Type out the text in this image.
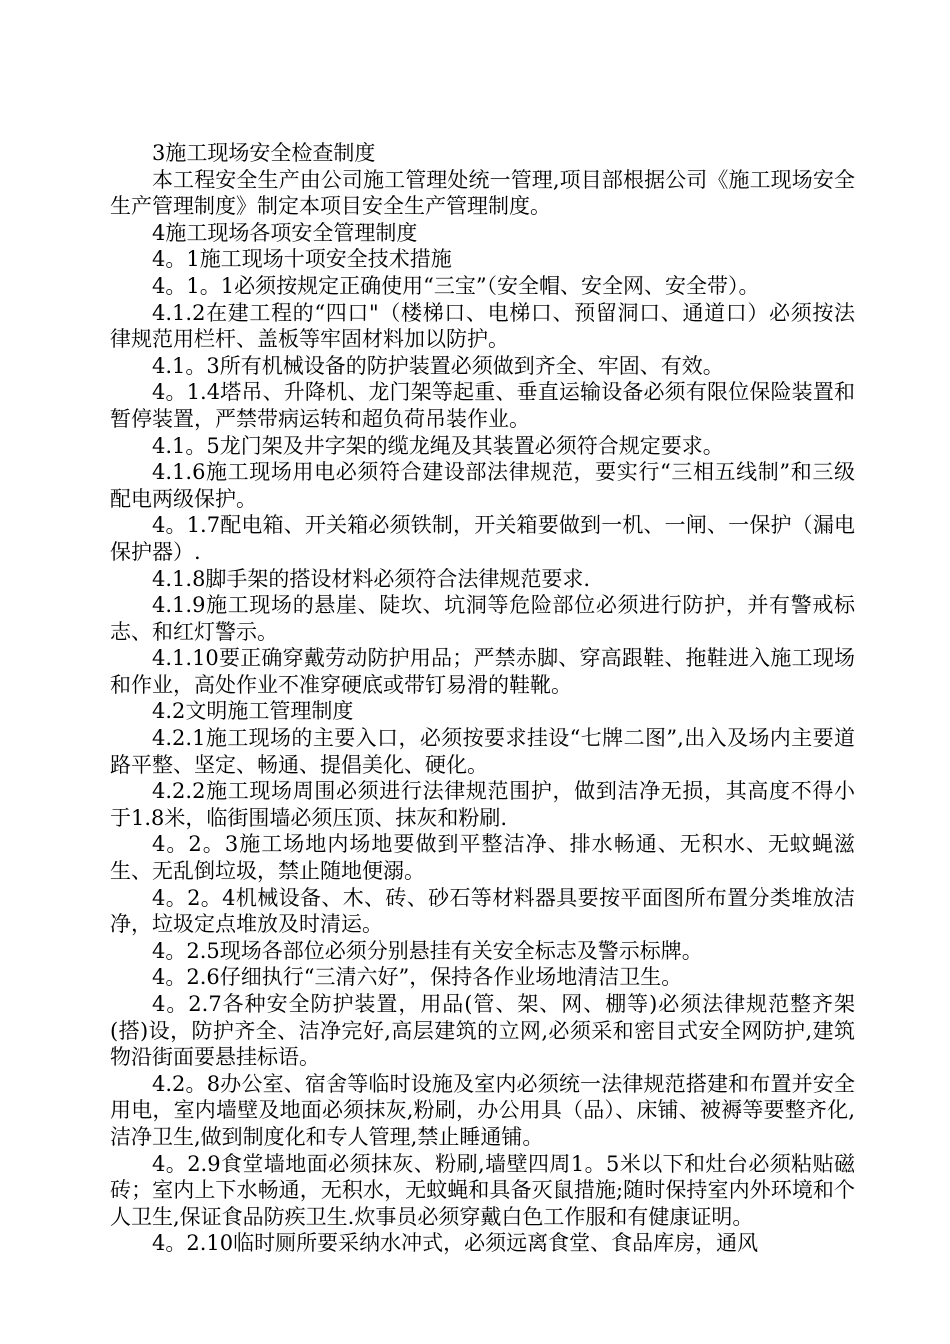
3施工现场安全检查制度

本工程安全生产由公司施工管理处统一管理,项目部根据公司《施工现场安全生产管理制度》制定本项目安全生产管理制度。

4施工现场各项安全管理制度

4。1施工现场十项安全技术措施

4。1。1必须按规定正确使用“三宝”（安全帽、安全网、安全带）。

4.1.2在建工程的“四口"（楼梯口、电梯口、预留洞口、通道口）必须按法律规范用栏杆、盖板等牢固材料加以防护。

4.1。3所有机械设备的防护装置必须做到齐全、牢固、有效。

4。1.4塔吊、升降机、龙门架等起重、垂直运输设备必须有限位保险装置和暂停装置，严禁带病运转和超负荷吊装作业。

4.1。5龙门架及井字架的缆龙绳及其装置必须符合规定要求。

4.1.6施工现场用电必须符合建设部法律规范，要实行“三相五线制”和三级配电两级保护。

4。1.7配电箱、开关箱必须铁制，开关箱要做到一机、一闸、一保护（漏电保护器）.

4.1.8脚手架的搭设材料必须符合法律规范要求.

4.1.9施工现场的悬崖、陡坎、坑洞等危险部位必须进行防护，并有警戒标志、和红灯警示。

4.1.10要正确穿戴劳动防护用品；严禁赤脚、穿高跟鞋、拖鞋进入施工现场和作业，高处作业不准穿硬底或带钉易滑的鞋靴。

4.2文明施工管理制度

4.2.1施工现场的主要入口，必须按要求挂设“七牌二图”,出入及场内主要道路平整、坚定、畅通、提倡美化、硬化。

4.2.2施工现场周围必须进行法律规范围护，做到洁净无损，其高度不得小于1.8米，临街围墙必须压顶、抹灰和粉刷.

4。2。3施工场地内场地要做到平整洁净、排水畅通、无积水、无蚊蝇滋生、无乱倒垃圾，禁止随地便溺。

4。2。4机械设备、木、砖、砂石等材料器具要按平面图所布置分类堆放洁净，垃圾定点堆放及时清运。

4。2.5现场各部位必须分别悬挂有关安全标志及警示标牌。

4。2.6仔细执行“三清六好”，保持各作业场地清洁卫生。

4。2.7各种安全防护装置，用品(管、架、网、棚等)必须法律规范整齐架(搭)设，防护齐全、洁净完好,高层建筑的立网,必须采和密目式安全网防护,建筑物沿街面要悬挂标语。

4.2。8办公室、宿舍等临时设施及室内必须统一法律规范搭建和布置并安全用电，室内墙壁及地面必须抹灰,粉刷，办公用具（品）、床铺、被褥等要整齐化,洁净卫生,做到制度化和专人管理,禁止睡通铺。

4。2.9食堂墙地面必须抹灰、粉刷,墙壁四周1。5米以下和灶台必须粘贴磁砖；室内上下水畅通，无积水，无蚊蝇和具备灭鼠措施;随时保持室内外环境和个人卫生,保证食品防疾卫生.炊事员必须穿戴白色工作服和有健康证明。

4。2.10临时厕所要采纳水冲式，必须远离食堂、食品库房，通风
